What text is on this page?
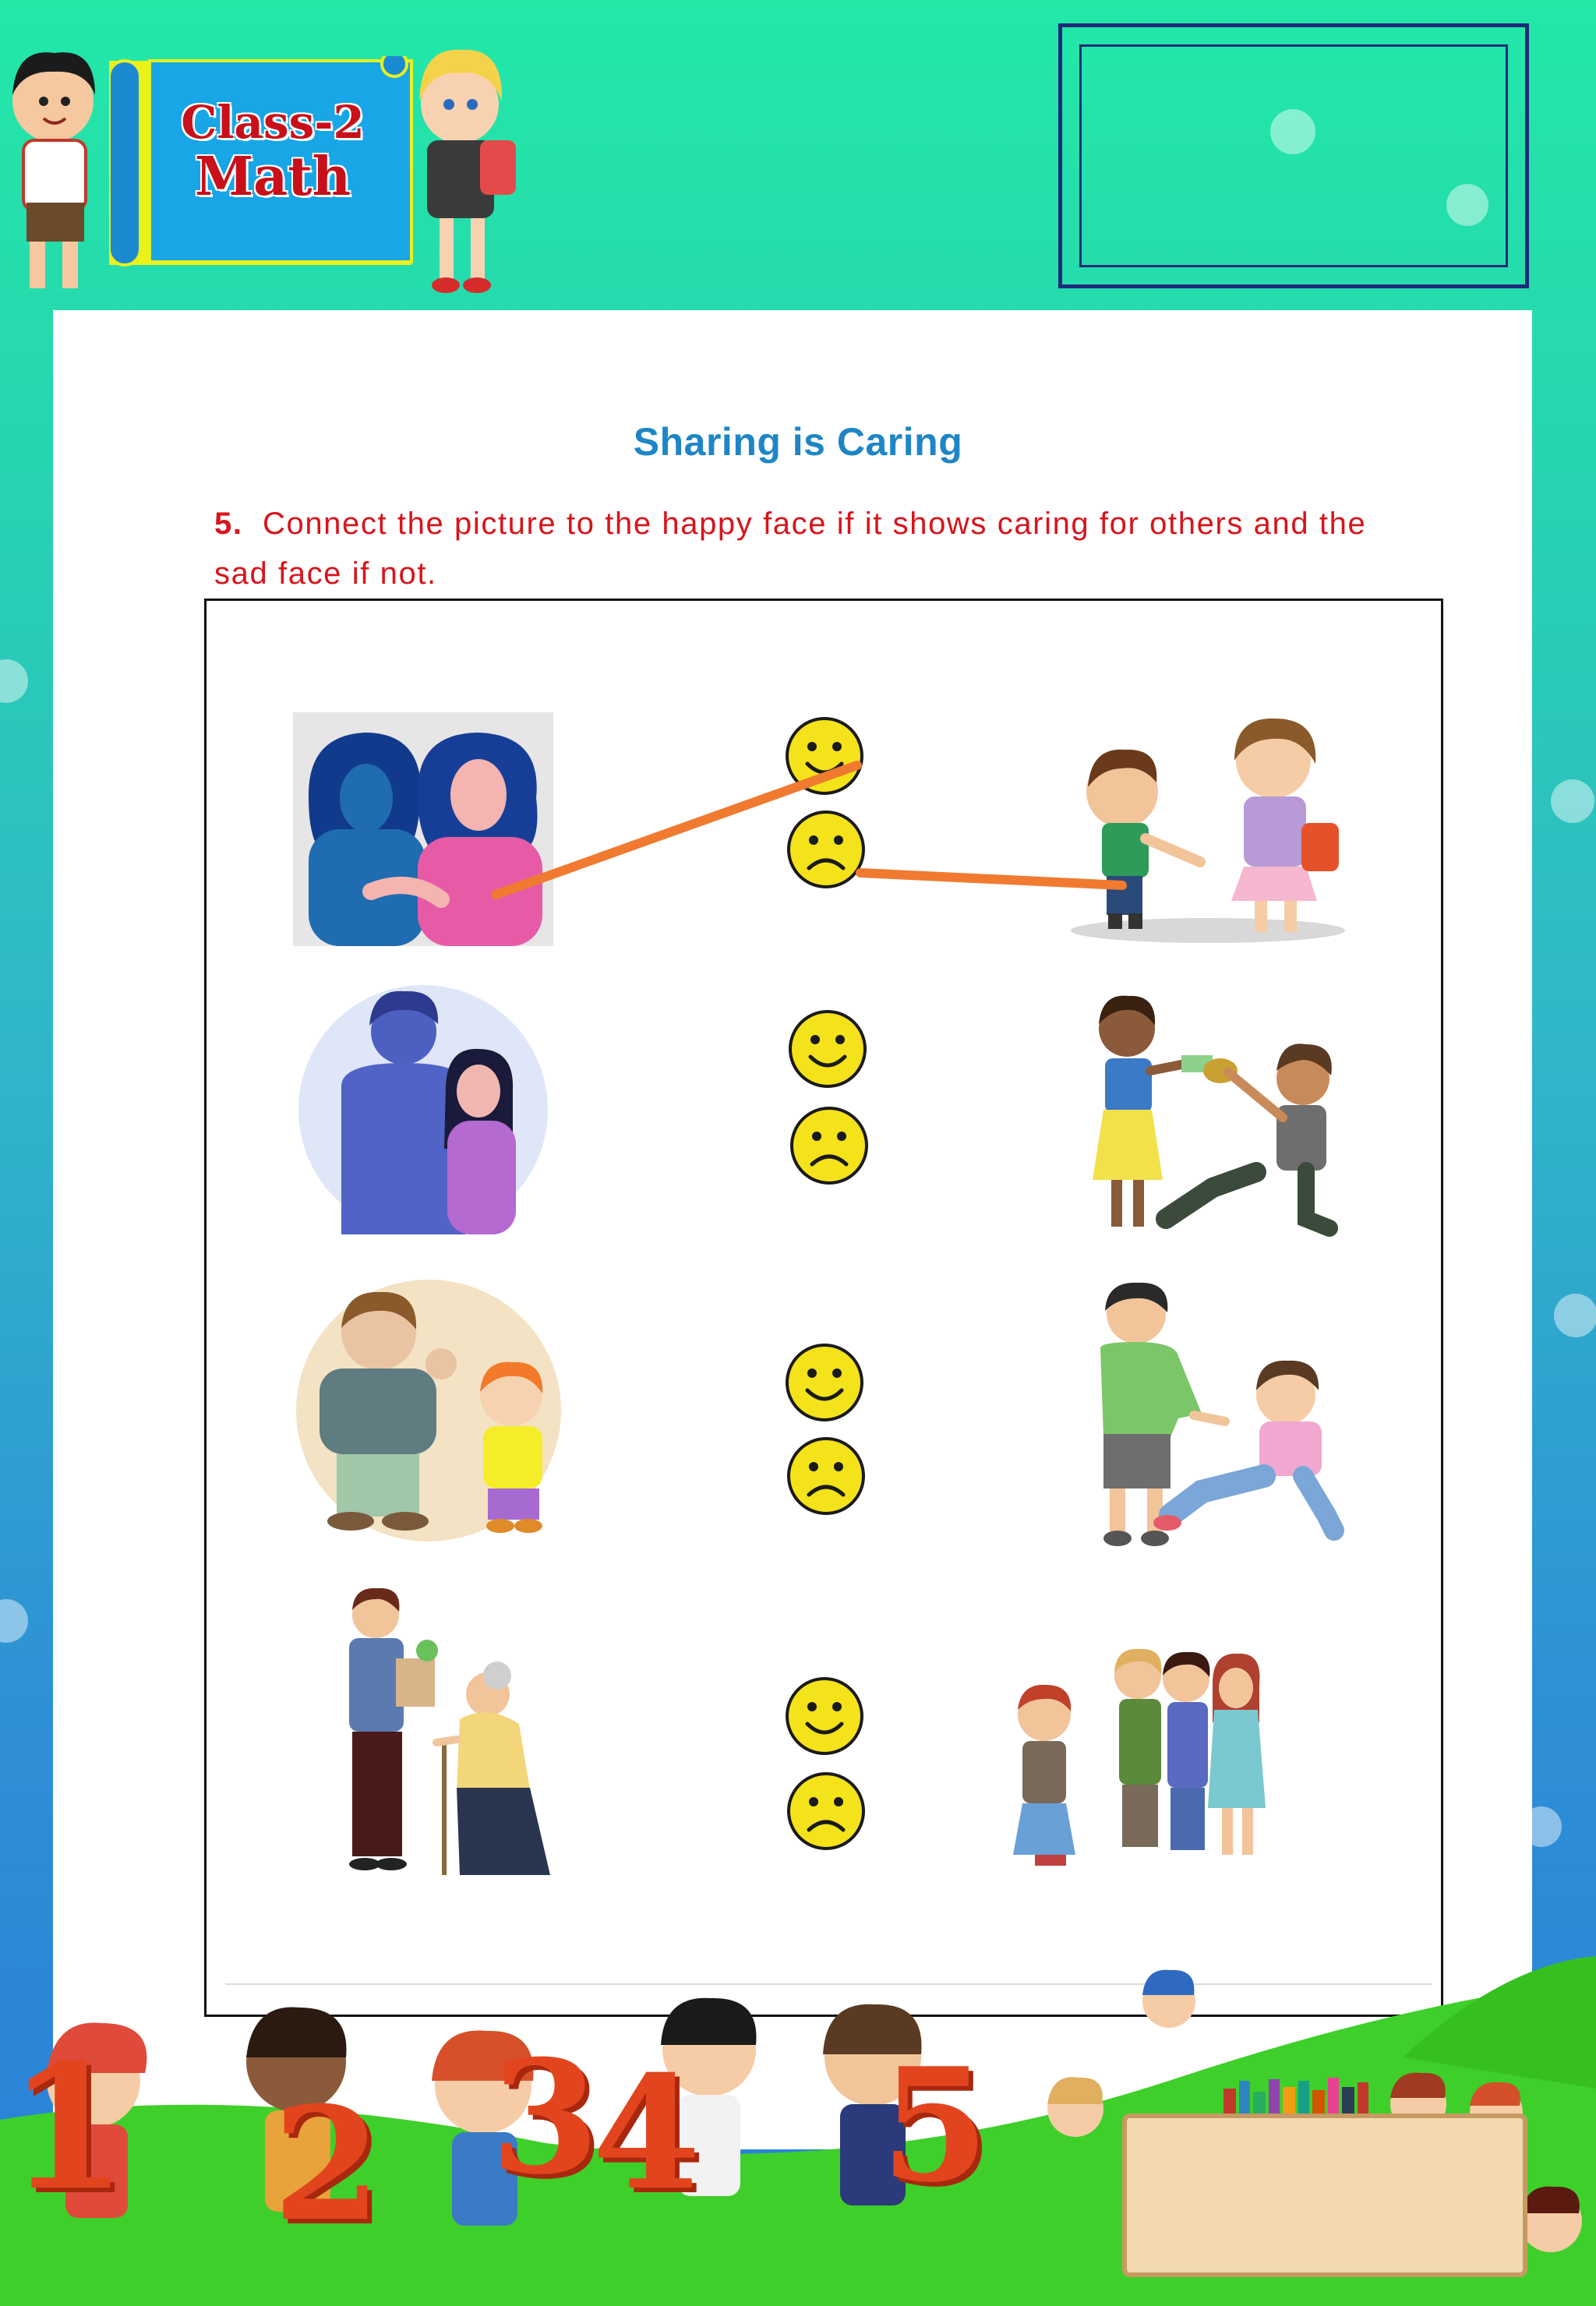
Class-2
Math
Sharing is Caring
5. Connect the picture to the happy face if it shows caring for others and the sad face if not.
1 2 3
4 5
